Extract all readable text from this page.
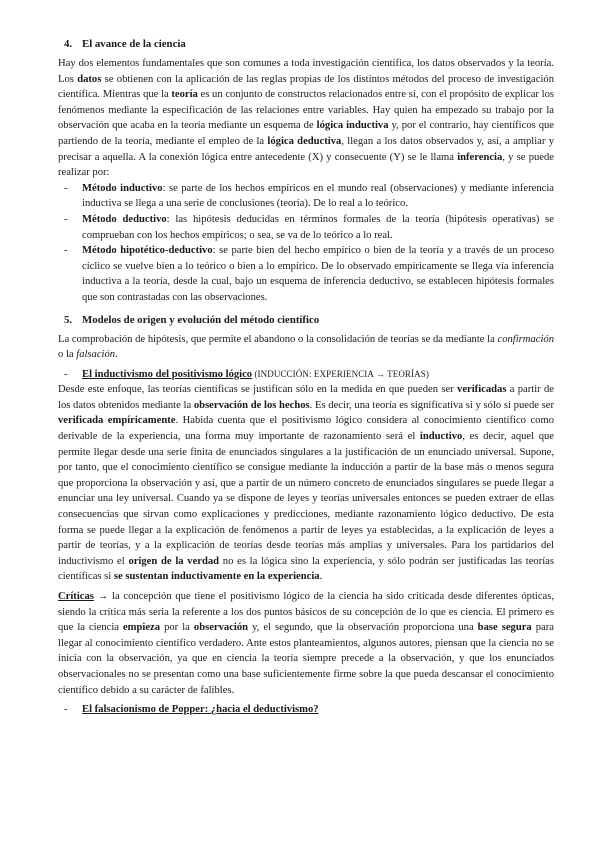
4. El avance de la ciencia

Hay dos elementos fundamentales que son comunes a toda investigación científica, los datos observados y la teoría. Los datos se obtienen con la aplicación de las reglas propias de los distintos métodos del proceso de investigación científica. Mientras que la teoría es un conjunto de constructos relacionados entre sí, con el propósito de explicar los fenómenos mediante la especificación de las relaciones entre variables. Hay quien ha empezado su trabajo por la observación que acaba en la teoría mediante un esquema de lógica inductiva y, por el contrario, hay científicos que partiendo de la teoría, mediante el empleo de la lógica deductiva, llegan a los datos observados y, así, a ampliar y precisar a aquella. A la conexión lógica entre antecedente (X) y consecuente (Y) se le llama inferencia, y se puede realizar por:

- Método inductivo: se parte de los hechos empíricos en el mundo real (observaciones) y mediante inferencia inductiva se llega a una serie de conclusiones (teoría). De lo real a lo teórico.
- Método deductivo: las hipótesis deducidas en términos formales de la teoría (hipótesis operativas) se comprueban con los hechos empíricos; o sea, se va de lo teórico a lo real.
- Método hipotético-deductivo: se parte bien del hecho empírico o bien de la teoría y a través de un proceso cíclico se vuelve bien a lo teórico o bien a lo empírico. De lo observado empíricamente se llega vía inferencia inductiva a la teoría, desde la cual, bajo un esquema de inferencia deductivo, se establecen hipótesis formales que son contrastadas con las observaciones.

5. Modelos de origen y evolución del método científico

La comprobación de hipótesis, que permite el abandono o la consolidación de teorías se da mediante la confirmación o la falsación.

- El inductivismo del positivismo lógico (INDUCCIÓN: EXPERIENCIA → TEORÍAS)

Desde este enfoque, las teorías científicas se justifican sólo en la medida en que pueden ser verificadas a partir de los datos obtenidos mediante la observación de los hechos. Es decir, una teoría es significativa si y sólo si puede ser verificada empíricamente. Habida cuenta que el positivismo lógico considera al conocimiento científico como derivable de la experiencia, una forma muy importante de razonamiento será el inductivo, es decir, aquel que permite llegar desde una serie finita de enunciados singulares a la justificación de un enunciado universal. Supone, por tanto, que el conocimiento científico se consigue mediante la inducción a partir de la base más o menos segura que proporciona la observación y así, que a partir de un número concreto de enunciados singulares se puede llegar a enunciar una ley universal. Cuando ya se dispone de leyes y teorías universales entonces se pueden extraer de ellas consecuencias que sirvan como explicaciones y predicciones, mediante razonamiento lógico deductivo. De esta forma se puede llegar a la explicación de fenómenos a partir de leyes ya establecidas, a la explicación de leyes a partir de teorías, y a la explicación de teorías desde teorías más amplias y universales. Para los partidarios del inductivismo el origen de la verdad no es la lógica sino la experiencia, y sólo podrán ser justificadas las teorías científicas si se sustentan inductivamente en la experiencia.

Críticas → la concepción que tiene el positivismo lógico de la ciencia ha sido criticada desde diferentes ópticas, siendo la crítica más seria la referente a los dos puntos básicos de su concepción de lo que es ciencia. El primero es que la ciencia empieza por la observación y, el segundo, que la observación proporciona una base segura para llegar al conocimiento científico verdadero. Ante estos planteamientos, algunos autores, piensan que la ciencia no se inicia con la observación, ya que en ciencia la teoría siempre precede a la observación, y que los enunciados observacionales no se presentan como una base suficientemente firme sobre la que pueda descansar el conocimiento científico debido a su carácter de falibles.

- El falsacionismo de Popper: ¿hacia el deductivismo?
